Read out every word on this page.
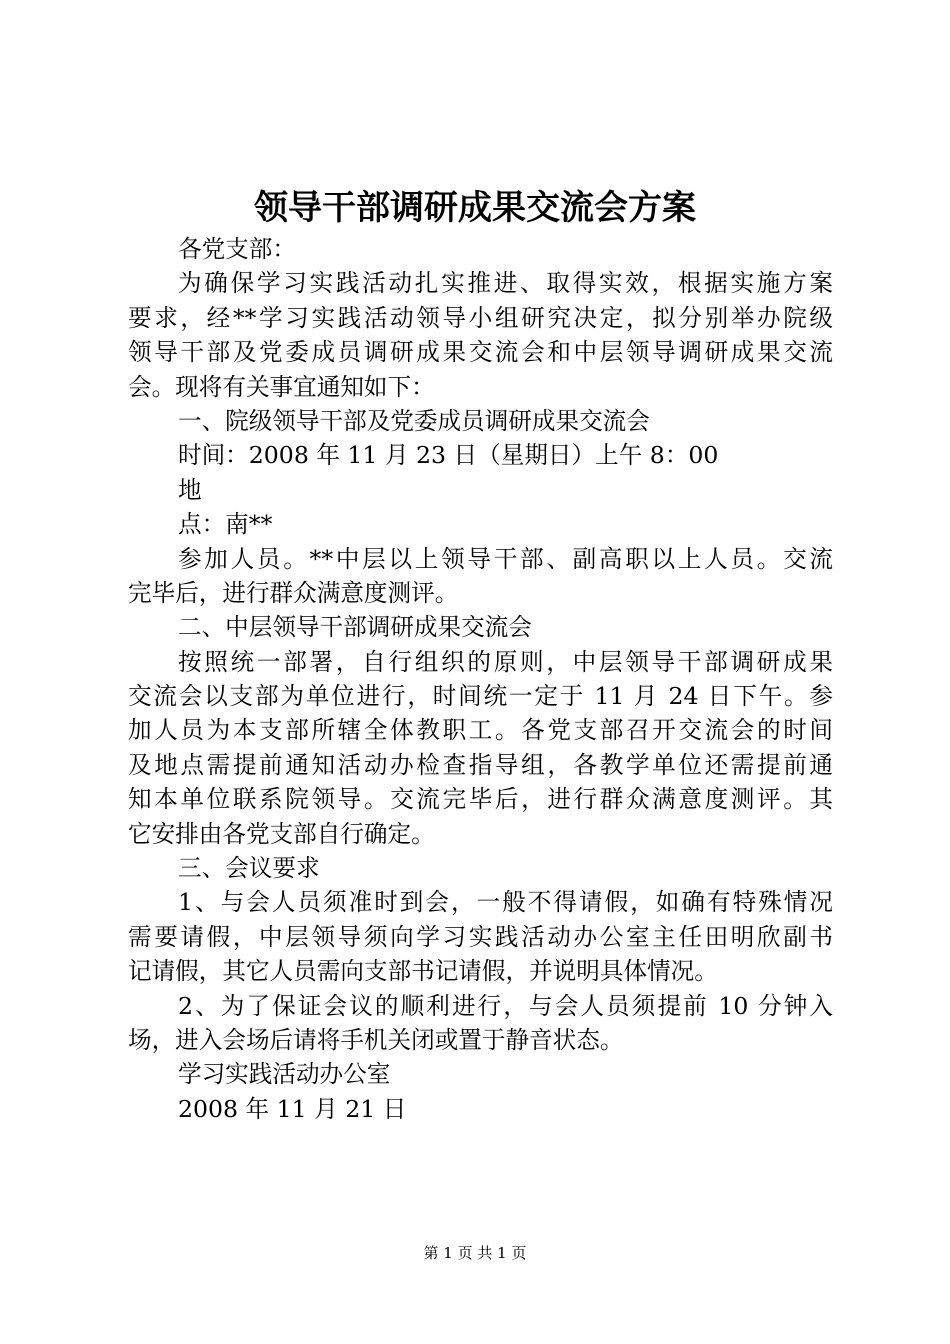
领导干部调研成果交流会方案
各党支部：
为确保学习实践活动扎实推进、取得实效，根据实施方案
要求，经**学习实践活动领导小组研究决定，拟分别举办院级
领导干部及党委成员调研成果交流会和中层领导调研成果交流
会。现将有关事宜通知如下：
一、院级领导干部及党委成员调研成果交流会
时间：2008 年 11 月 23 日（星期日）上午 8：00
地
点：南**
参加人员。**中层以上领导干部、副高职以上人员。交流
完毕后，进行群众满意度测评。
二、中层领导干部调研成果交流会
按照统一部署，自行组织的原则，中层领导干部调研成果
交流会以支部为单位进行，时间统一定于 11 月 24 日下午。参
加人员为本支部所辖全体教职工。各党支部召开交流会的时间
及地点需提前通知活动办检查指导组，各教学单位还需提前通
知本单位联系院领导。交流完毕后，进行群众满意度测评。其
它安排由各党支部自行确定。
三、会议要求
1、与会人员须准时到会，一般不得请假，如确有特殊情况
需要请假，中层领导须向学习实践活动办公室主任田明欣副书
记请假，其它人员需向支部书记请假，并说明具体情况。
2、为了保证会议的顺利进行，与会人员须提前 10 分钟入
场，进入会场后请将手机关闭或置于静音状态。
学习实践活动办公室
2008 年 11 月 21 日
第 1 页 共 1 页
